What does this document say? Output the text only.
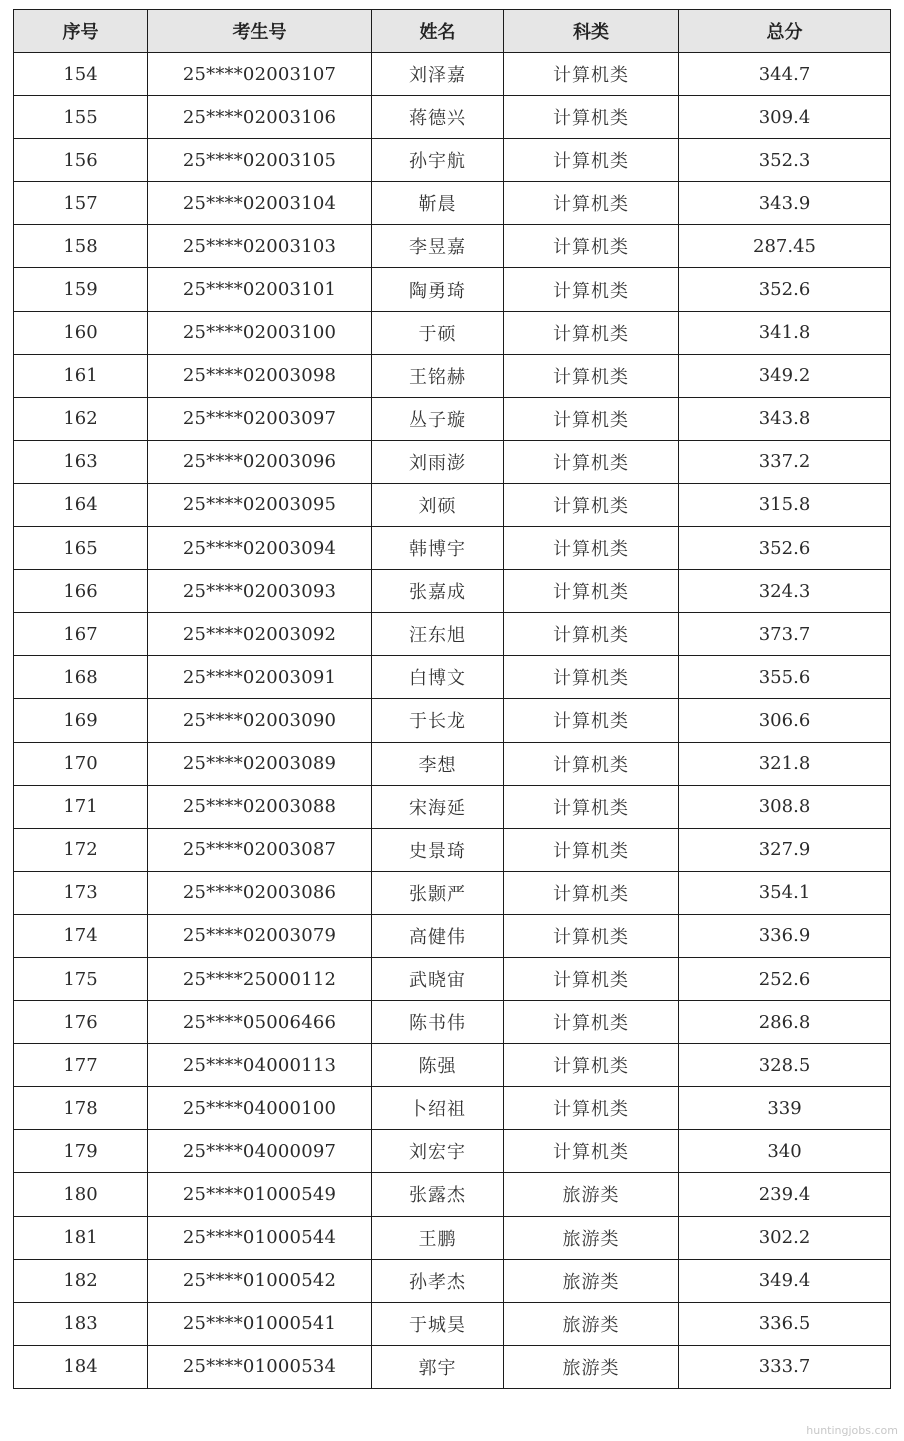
序号	考生号	姓名	科类	总分
154	25****02003107	刘泽嘉	计算机类	344.7
155	25****02003106	蒋德兴	计算机类	309.4
156	25****02003105	孙宇航	计算机类	352.3
157	25****02003104	靳晨	计算机类	343.9
158	25****02003103	李昱嘉	计算机类	287.45
159	25****02003101	陶勇琦	计算机类	352.6
160	25****02003100	于硕	计算机类	341.8
161	25****02003098	王铭赫	计算机类	349.2
162	25****02003097	丛子璇	计算机类	343.8
163	25****02003096	刘雨澎	计算机类	337.2
164	25****02003095	刘硕	计算机类	315.8
165	25****02003094	韩博宇	计算机类	352.6
166	25****02003093	张嘉成	计算机类	324.3
167	25****02003092	汪东旭	计算机类	373.7
168	25****02003091	白博文	计算机类	355.6
169	25****02003090	于长龙	计算机类	306.6
170	25****02003089	李想	计算机类	321.8
171	25****02003088	宋海延	计算机类	308.8
172	25****02003087	史景琦	计算机类	327.9
173	25****02003086	张颢严	计算机类	354.1
174	25****02003079	高健伟	计算机类	336.9
175	25****25000112	武晓宙	计算机类	252.6
176	25****05006466	陈书伟	计算机类	286.8
177	25****04000113	陈强	计算机类	328.5
178	25****04000100	卜绍祖	计算机类	339
179	25****04000097	刘宏宇	计算机类	340
180	25****01000549	张露杰	旅游类	239.4
181	25****01000544	王鹏	旅游类	302.2
182	25****01000542	孙孝杰	旅游类	349.4
183	25****01000541	于城昊	旅游类	336.5
184	25****01000534	郭宇	旅游类	333.7
huntingjobs.com
